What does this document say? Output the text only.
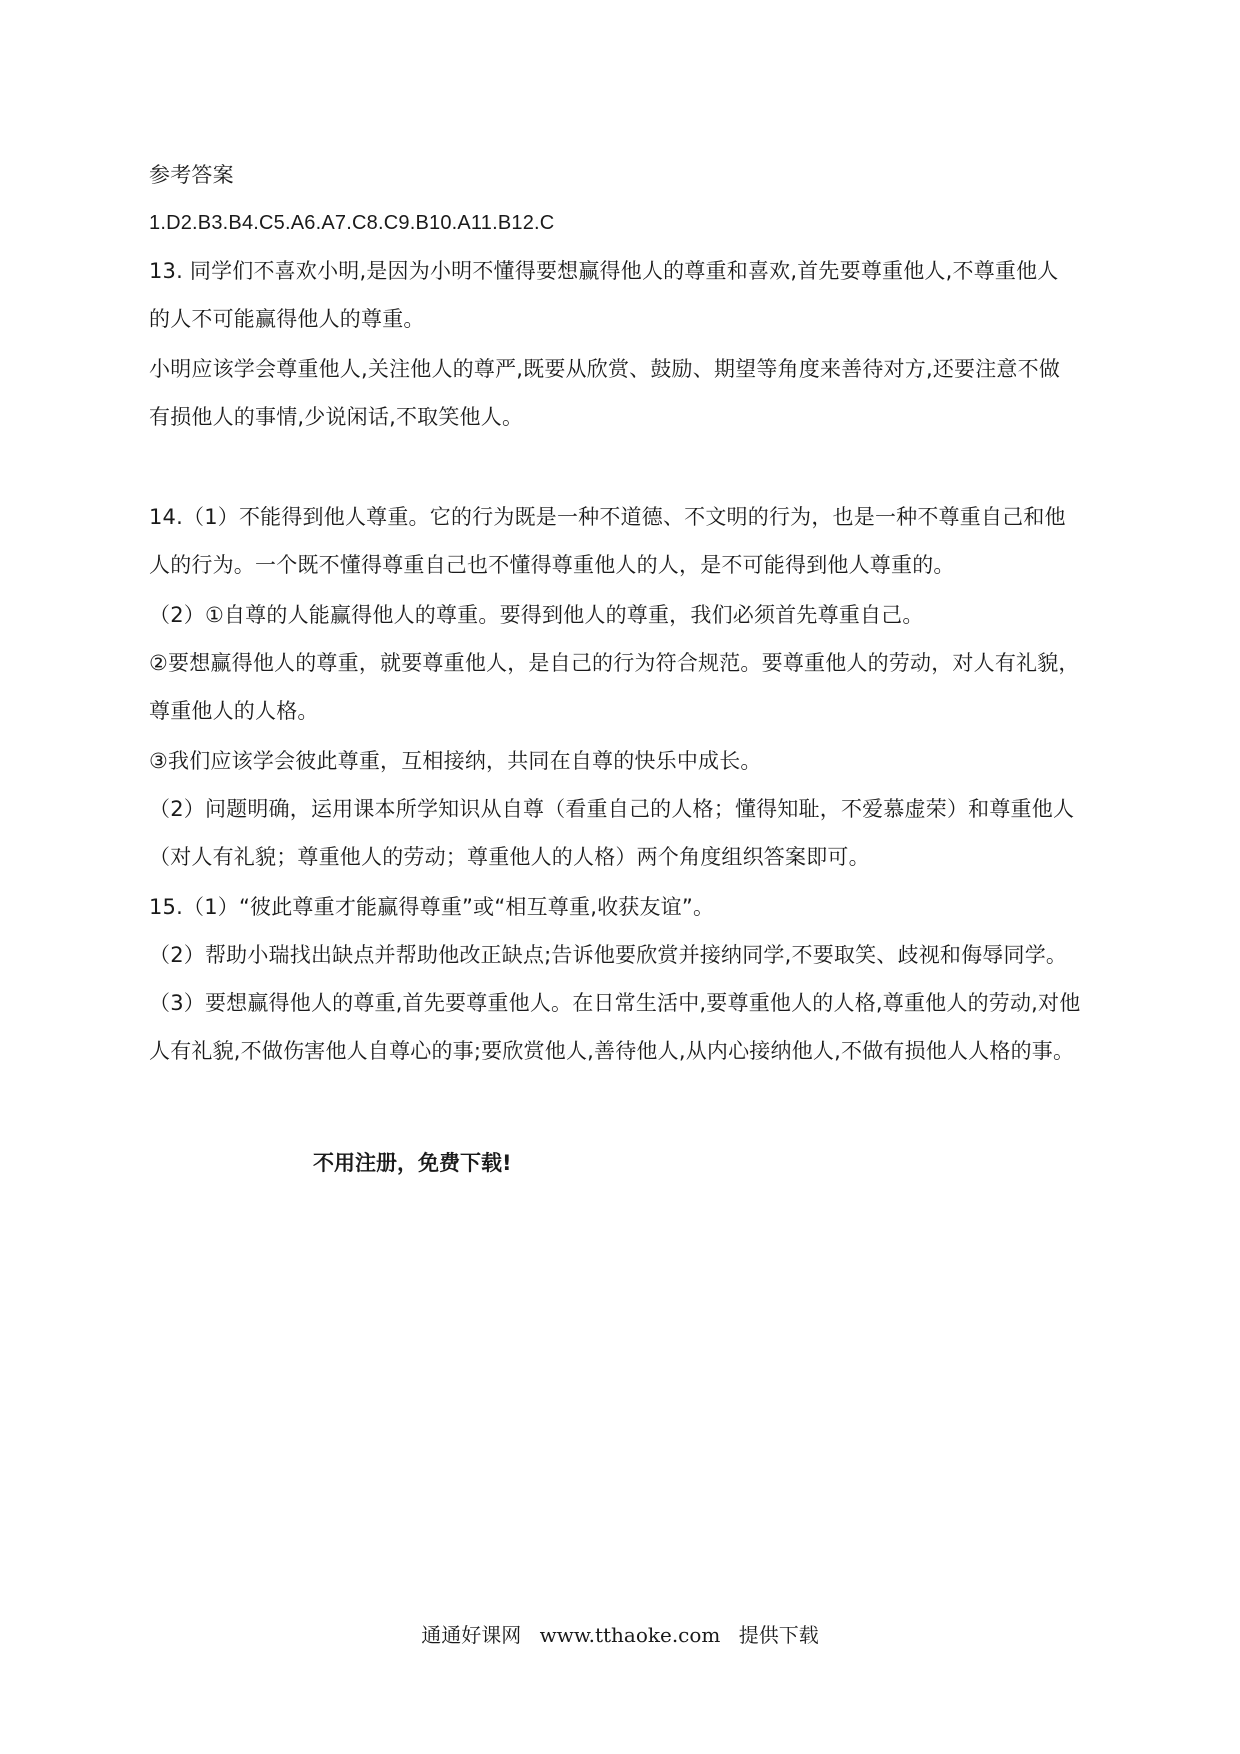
参考答案
1.D2.B3.B4.C5.A6.A7.C8.C9.B10.A11.B12.C
13. 同学们不喜欢小明,是因为小明不懂得要想赢得他人的尊重和喜欢,首先要尊重他人,不尊重他人
的人不可能赢得他人的尊重。
小明应该学会尊重他人,关注他人的尊严,既要从欣赏、鼓励、期望等角度来善待对方,还要注意不做
有损他人的事情,少说闲话,不取笑他人。
14.（1）不能得到他人尊重。它的行为既是一种不道德、不文明的行为，也是一种不尊重自己和他
人的行为。一个既不懂得尊重自己也不懂得尊重他人的人，是不可能得到他人尊重的。
（2）①自尊的人能赢得他人的尊重。要得到他人的尊重，我们必须首先尊重自己。
②要想赢得他人的尊重，就要尊重他人，是自己的行为符合规范。要尊重他人的劳动，对人有礼貌，
尊重他人的人格。
③我们应该学会彼此尊重，互相接纳，共同在自尊的快乐中成长。
（2）问题明确，运用课本所学知识从自尊（看重自己的人格；懂得知耻，不爱慕虚荣）和尊重他人
（对人有礼貌；尊重他人的劳动；尊重他人的人格）两个角度组织答案即可。
15.（1）“彼此尊重才能赢得尊重”或“相互尊重,收获友谊”。
（2）帮助小瑞找出缺点并帮助他改正缺点;告诉他要欣赏并接纳同学,不要取笑、歧视和侮辱同学。
（3）要想赢得他人的尊重,首先要尊重他人。在日常生活中,要尊重他人的人格,尊重他人的劳动,对他
人有礼貌,不做伤害他人自尊心的事;要欣赏他人,善待他人,从内心接纳他人,不做有损他人人格的事。
不用注册，免费下载!
通通好课网 www.tthaoke.com 提供下载
